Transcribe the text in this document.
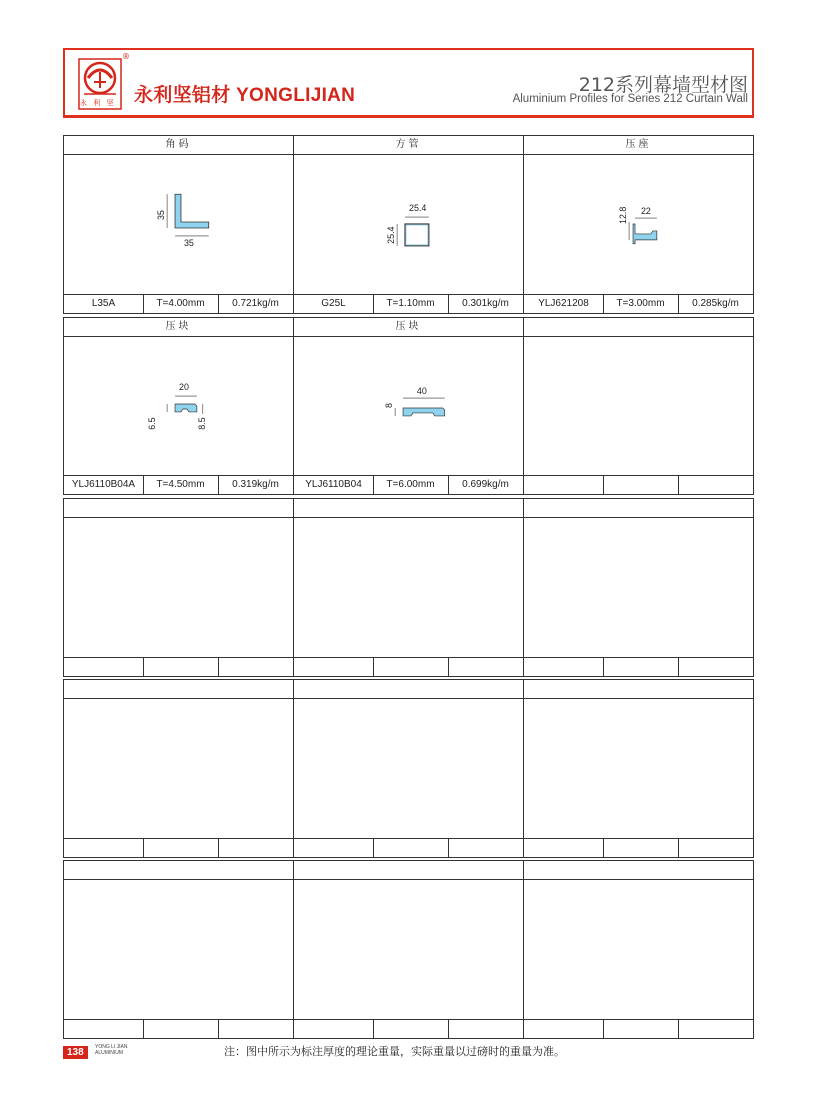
®
永 利 坚 永利坚铝材 YONGLIJIAN	212系列幕墙型材图
Aluminium Profiles for Series 212 Curtain Wall
角码
35
35
L35A	T=4.00mm	0.721kg/m
方管
25.4
25.4
G25L	T=1.10mm	0.301kg/m
压座
12.8 22
YLJ621208	T=3.00mm	0.285kg/m
压块
20
6.5	8.5
YLJ6110B04A	T=4.50mm	0.319kg/m
压块
40
8
YLJ6110B04	T=6.00mm	0.699kg/m
138	YONG LI JIAN
ALUMINIUM	注：图中所示为标注厚度的理论重量，实际重量以过磅时的重量为准。
